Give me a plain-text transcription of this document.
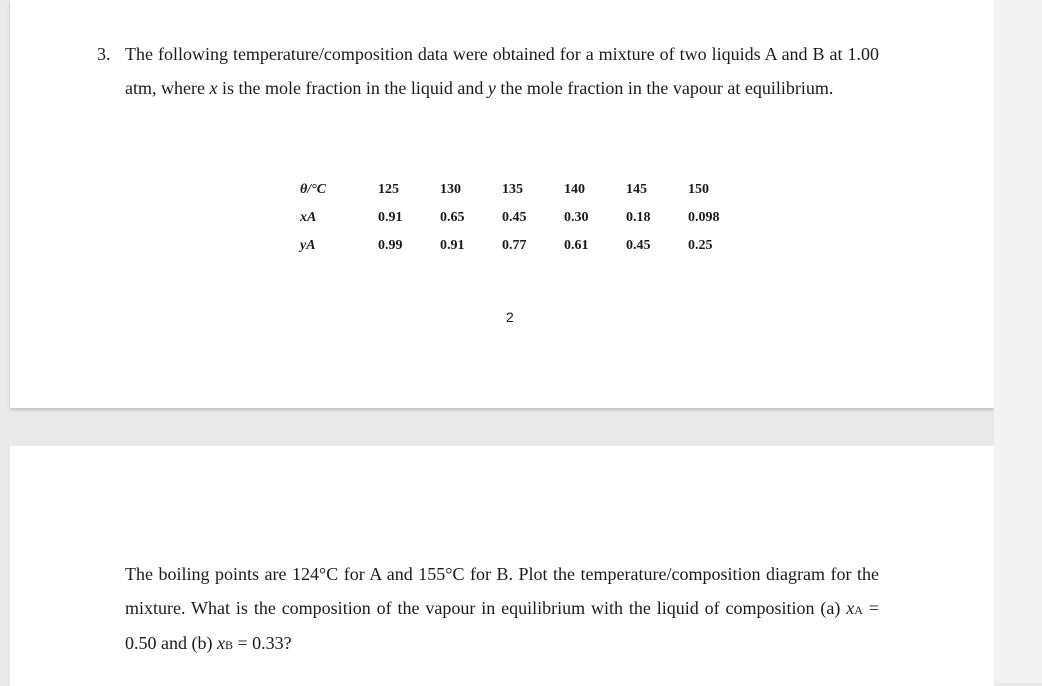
3. The following temperature/composition data were obtained for a mixture of two liquids A and B at 1.00 atm, where x is the mole fraction in the liquid and y the mole fraction in the vapour at equilibrium.
θ/°C	125	130	135	140	145	150
xA	0.91	0.65	0.45	0.30	0.18	0.098
yA	0.99	0.91	0.77	0.61	0.45	0.25
2
The boiling points are 124°C for A and 155°C for B. Plot the temperature/composition diagram for the mixture. What is the composition of the vapour in equilibrium with the liquid of composition (a) xA = 0.50 and (b) xB = 0.33?
